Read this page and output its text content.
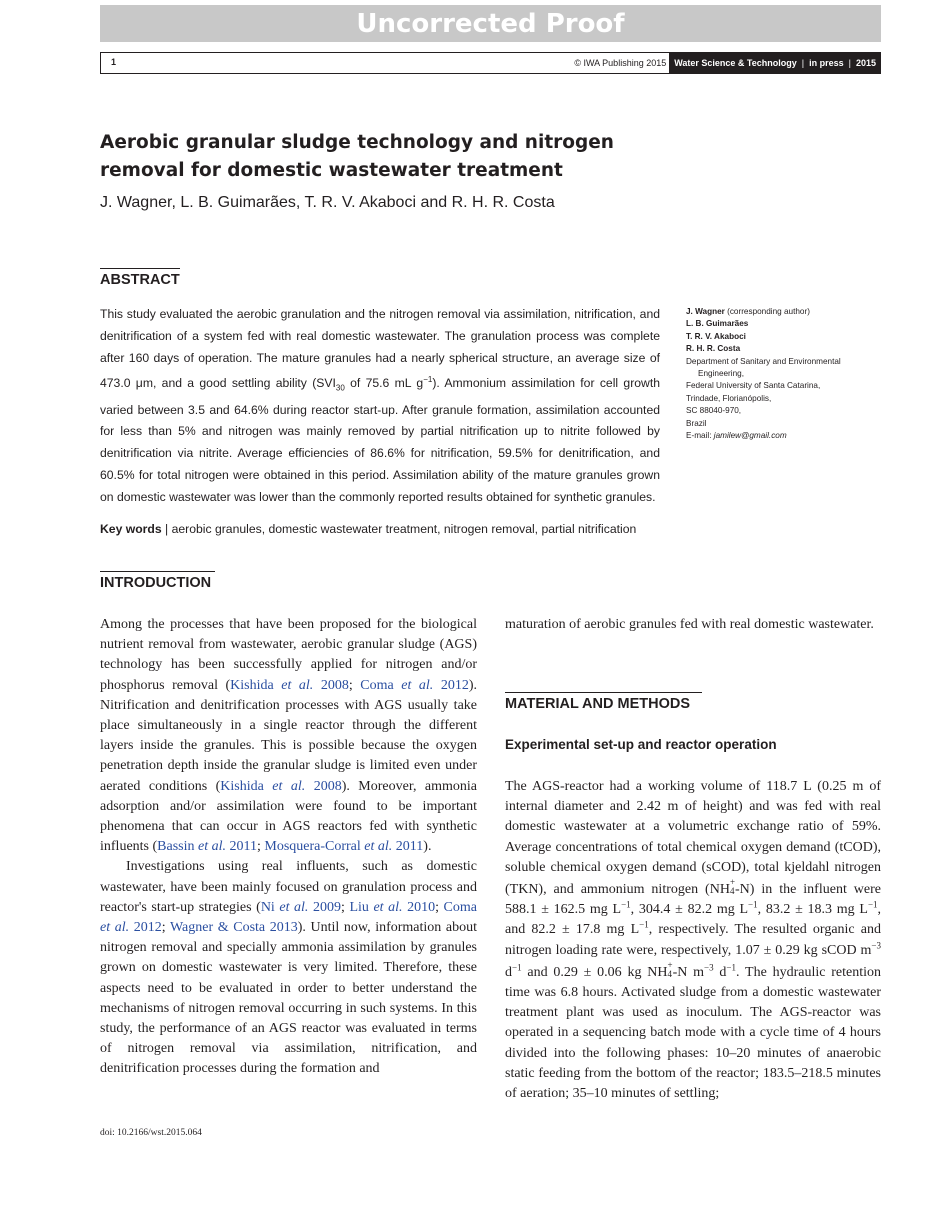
Uncorrected Proof
1	© IWA Publishing 2015 Water Science & Technology | in press | 2015
Aerobic granular sludge technology and nitrogen removal for domestic wastewater treatment
J. Wagner, L. B. Guimarães, T. R. V. Akaboci and R. H. R. Costa
ABSTRACT
This study evaluated the aerobic granulation and the nitrogen removal via assimilation, nitrification, and denitrification of a system fed with real domestic wastewater. The granulation process was complete after 160 days of operation. The mature granules had a nearly spherical structure, an average size of 473.0 μm, and a good settling ability ($SVI_{30}$ of 75.6 mL $g^{-1}$). Ammonium assimilation for cell growth varied between 3.5 and 64.6% during reactor start-up. After granule formation, assimilation accounted for less than 5% and nitrogen was mainly removed by partial nitrification up to nitrite followed by denitrification via nitrite. Average efficiencies of 86.6% for nitrification, 59.5% for denitrification, and 60.5% for total nitrogen were obtained in this period. Assimilation ability of the mature granules grown on domestic wastewater was lower than the commonly reported results obtained for synthetic granules.
Key words | aerobic granules, domestic wastewater treatment, nitrogen removal, partial nitrification
J. Wagner (corresponding author)
L. B. Guimarães
T. R. V. Akaboci
R. H. R. Costa
Department of Sanitary and Environmental
Engineering,
Federal University of Santa Catarina,
Trindade, Florianópolis,
SC 88040-970,
Brazil
E-mail: jamilew@gmail.com
INTRODUCTION

Among the processes that have been proposed for the biological nutrient removal from wastewater, aerobic granular sludge (AGS) technology has been successfully applied for nitrogen and/or phosphorus removal (Kishida et al. 2008; Coma et al. 2012). Nitrification and denitrification processes with AGS usually take place simultaneously in a single reactor through the different layers inside the granules. This is possible because the oxygen penetration depth inside the granular sludge is limited even under aerated conditions (Kishida et al. 2008). Moreover, ammonia adsorption and/or assimilation were found to be important phenomena that can occur in AGS reactors fed with synthetic influents (Bassin et al. 2011; Mosquera-Corral et al. 2011).

Investigations using real influents, such as domestic wastewater, have been mainly focused on granulation process and reactor's start-up strategies (Ni et al. 2009; Liu et al. 2010; Coma et al. 2012; Wagner & Costa 2013). Until now, information about nitrogen removal and specially ammonia assimilation by granules grown on domestic wastewater is very limited. Therefore, these aspects need to be evaluated in order to better understand the mechanisms of nitrogen removal occurring in such systems. In this study, the performance of an AGS reactor was evaluated in terms of nitrogen removal via assimilation, nitrification, and denitrification processes during the formation and

maturation of aerobic granules fed with real domestic wastewater.

MATERIAL AND METHODS
Experimental set-up and reactor operation

The AGS-reactor had a working volume of 118.7 L (0.25 m of internal diameter and 2.42 m of height) and was fed with real domestic wastewater at a volumetric exchange ratio of 59%. Average concentrations of total chemical oxygen demand (tCOD), soluble chemical oxygen demand (sCOD), total kjeldahl nitrogen (TKN), and ammonium nitrogen (NH +
4 -N) in the influent were 588.1 ± 162.5 mg $L^{-1}$, 304.4 ± 82.2 mg $L^{-1}$, 83.2 ± 18.3 mg $L^{-1}$, and 82.2 ± 17.8 mg $L^{-1}$, respectively. The resulted organic and nitrogen loading rate were, respectively, 1.07 ± 0.29 kg sCOD $m^{-3}$ $d^{-1}$ and 0.29 ± 0.06 kg NH +
4 -N $m^{-3}$ $d^{-1}$. The hydraulic retention time was 6.8 hours. Activated sludge from a domestic wastewater treatment plant was used as inoculum. The AGS-reactor was operated in a sequencing batch mode with a cycle time of 4 hours divided into the following phases: 10–20 minutes of anaerobic static feeding from the bottom of the reactor; 183.5–218.5 minutes of aeration; 35–10 minutes of settling;

doi: 10.2166/wst.2015.064
